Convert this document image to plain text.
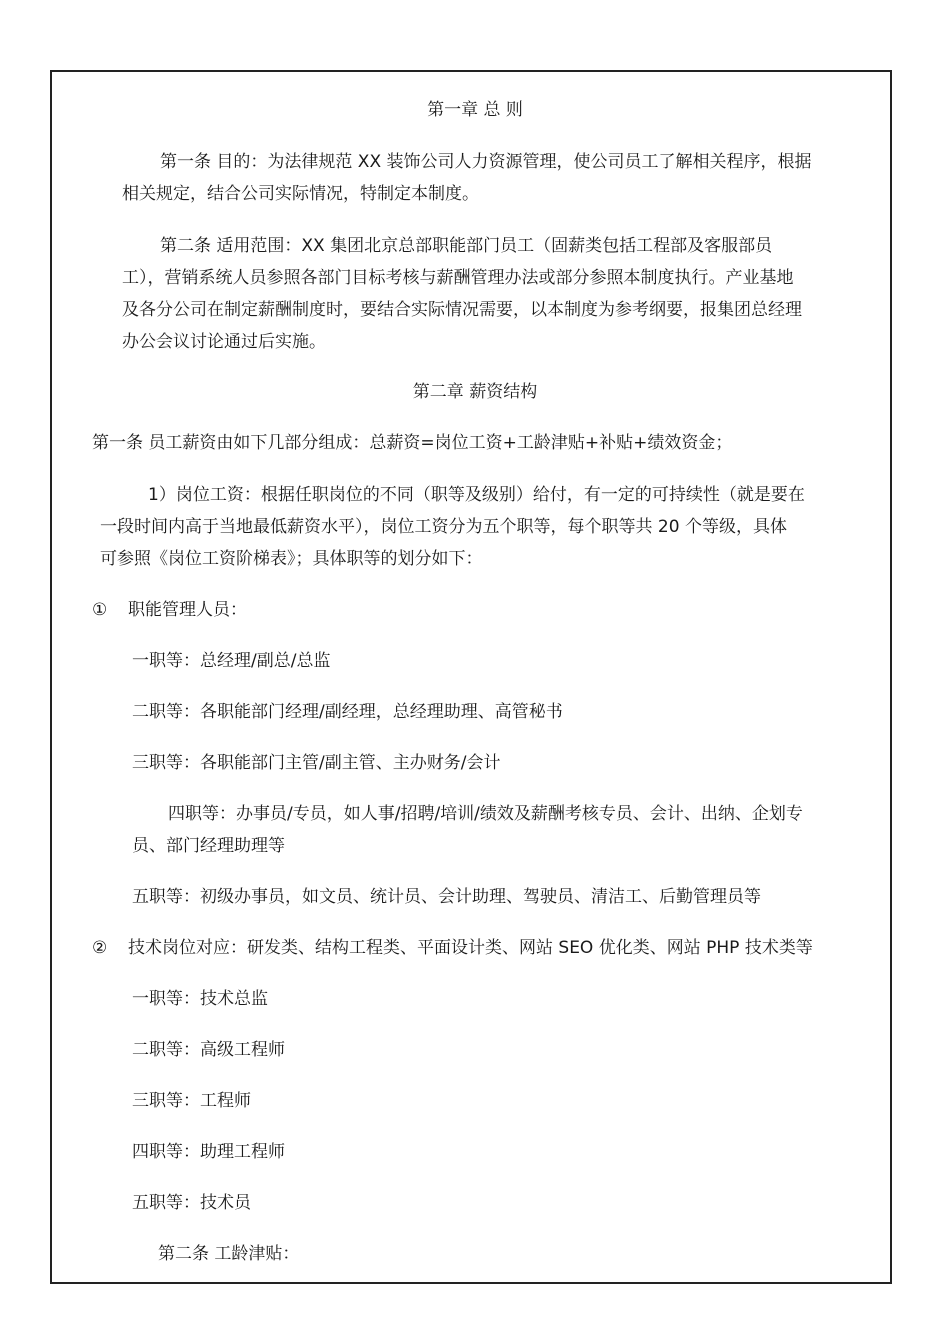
第一章 总 则
第一条 目的：为法律规范 XX 装饰公司人力资源管理，使公司员工了解相关程序，根据
相关规定，结合公司实际情况，特制定本制度。
第二条 适用范围：XX 集团北京总部职能部门员工（固薪类包括工程部及客服部员
工），营销系统人员参照各部门目标考核与薪酬管理办法或部分参照本制度执行。产业基地
及各分公司在制定薪酬制度时，要结合实际情况需要，以本制度为参考纲要，报集团总经理
办公会议讨论通过后实施。
第二章 薪资结构
第一条 员工薪资由如下几部分组成：总薪资=岗位工资+工龄津贴+补贴+绩效资金；
1）岗位工资：根据任职岗位的不同（职等及级别）给付，有一定的可持续性（就是要在
一段时间内高于当地最低薪资水平），岗位工资分为五个职等，每个职等共 20 个等级，具体
可参照《岗位工资阶梯表》；具体职等的划分如下：
① 职能管理人员：
一职等：总经理/副总/总监
二职等：各职能部门经理/副经理，总经理助理、高管秘书
三职等：各职能部门主管/副主管、主办财务/会计
四职等：办事员/专员，如人事/招聘/培训/绩效及薪酬考核专员、会计、出纳、企划专
员、部门经理助理等
五职等：初级办事员，如文员、统计员、会计助理、驾驶员、清洁工、后勤管理员等
② 技术岗位对应：研发类、结构工程类、平面设计类、网站 SEO 优化类、网站 PHP 技术类等
一职等：技术总监
二职等：高级工程师
三职等：工程师
四职等：助理工程师
五职等：技术员
第二条 工龄津贴：
